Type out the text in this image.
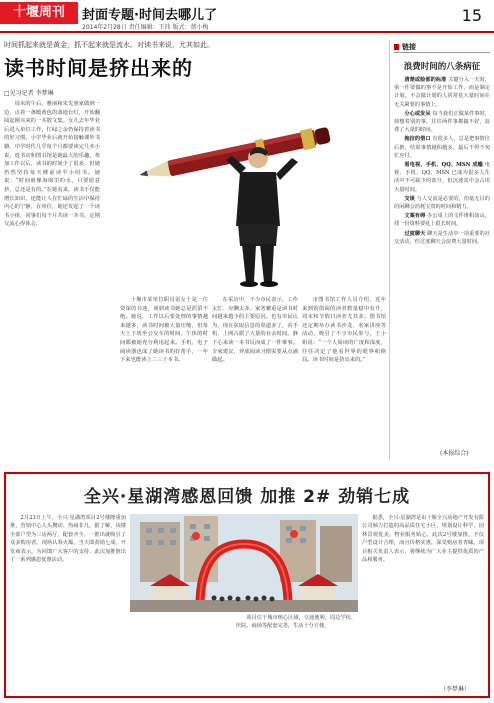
十堰周刊	封面专题·时间去哪儿了
2014年2月28日 责任编辑：王玮 版式：蔡小梅
15
时间抓起来就是黄金，抓不起来就是流水。对读书来说，尤其如此。
读书时间是挤出来的
□见习记者 李梦琳
周末的午后，雅丽和朱先惠家做到一边，点着一盏暖黄色的落地台灯，开始翻阅起刚买来的一本散文集。女儿去年毕业后进入单位工作，忙碌之余仍保持着读书的好习惯。小学毕业后就开始接触课外书籍，中学时代几乎每个月都要读完几本小说，逛书店和图书馆是她最大的乐趣。参加工作以后，读书的时间少了很多，但她仍然坚持每天睡前读半小时书。她说：“时间就像海绵里的水，只要愿意挤，总还是有的。”在她看来，读书不仅能增长知识，还能让人在忙碌的生活中保持内心的宁静。在单位，她还发起了一个读书小组，同事们每个月共读一本书，定期交流心得体会。
十堰市某单位职员雷女士是一位资深的书迷，谈到读书她总是滔滔不绝。她说，工作以后要处理的事情越来越多，读书时间被大量压缩，但每天上下班坐公交车的时间、午休的时间都被她充分利用起来。手机、电子阅读器也成了她读书的好帮手，一年下来也能读上二三十本书。
在采访中，不少市民表示，工作太忙、应酬太多、家务繁重是读书时间越来越少的主要原因。也有市民认为，现在获取信息的渠道多了，看手机、上网占据了大量的业余时间，静下心来读一本书反而成了一件难事。专家建议，养成阅读习惯需要从点滴做起。
市图书馆工作人员介绍，近年来到馆借阅的读者数量稳中有升，周末和节假日读者尤其多。图书馆还定期举办读书沙龙、名家讲座等活动，吸引了不少市民参与。王小姐说：“一个人阅读的广度和深度，往往决定了他看世界的眼界和格局。读书时间是挤出来的。”
链接
浪费时间的八条病征

清楚或脸部的标准 关键分入一天时，第一件要做的事不是开始工作，而是制定计划。不会做计划的人常常花大量时间在无关紧要的事情上。

分心或发呆 每当我们正做某件事时，却想着别的事，往往两件事都做不好，浪费了大量的时间。

拖拉的借口 有很多人，总是把事情往后推，结果事情越积越多，最后不得不匆忙应付。

看电视、手机、QQ、MSN 成瘾 电视、手机、QQ、MSN 已成为很多人生活中不可缺少的部分，但沉迷其中会占用大量时间。

交谈 与人交流是必要的，但毫无目的的闲聊会消耗宝贵的时间和精力。

文案有碍 办公桌上的文件堆积如山，找一份资料要花上很长时间。

过度聊天 聊天是生活中一项重要的社交活动，但过度聊天会浪费大量时间。

(本报综合)
全兴·星湖湾感恩回馈 加推 2# 劲销七成
2月23日上午，全兴·星湖湾项目2号楼隆重加推，营销中心人头攒动、热闹非凡。据了解，该楼全部户型为三房两厅，配套齐全，一推出就吸引了众多购房者。现场认筹火爆，当天即劲销七成。开发商表示，为回馈广大客户的支持，此次加推推出了一系列感恩优惠活动。
项目位于城市核心区域，交通便利，周边学校、医院、商场等配套完善，生活十分方便。
据悉，全兴·星湖湾是由十堰全兴房地产开发有限公司倾力打造的高品质住宅小区，规划设计科学，园林景观优美，物业服务贴心。此次2号楼加推，不仅户型设计合理，而且价格实惠，深受购房者青睐。项目相关负责人表示，将继续为广大业主提供优质的产品和服务。
（李梦琳）
